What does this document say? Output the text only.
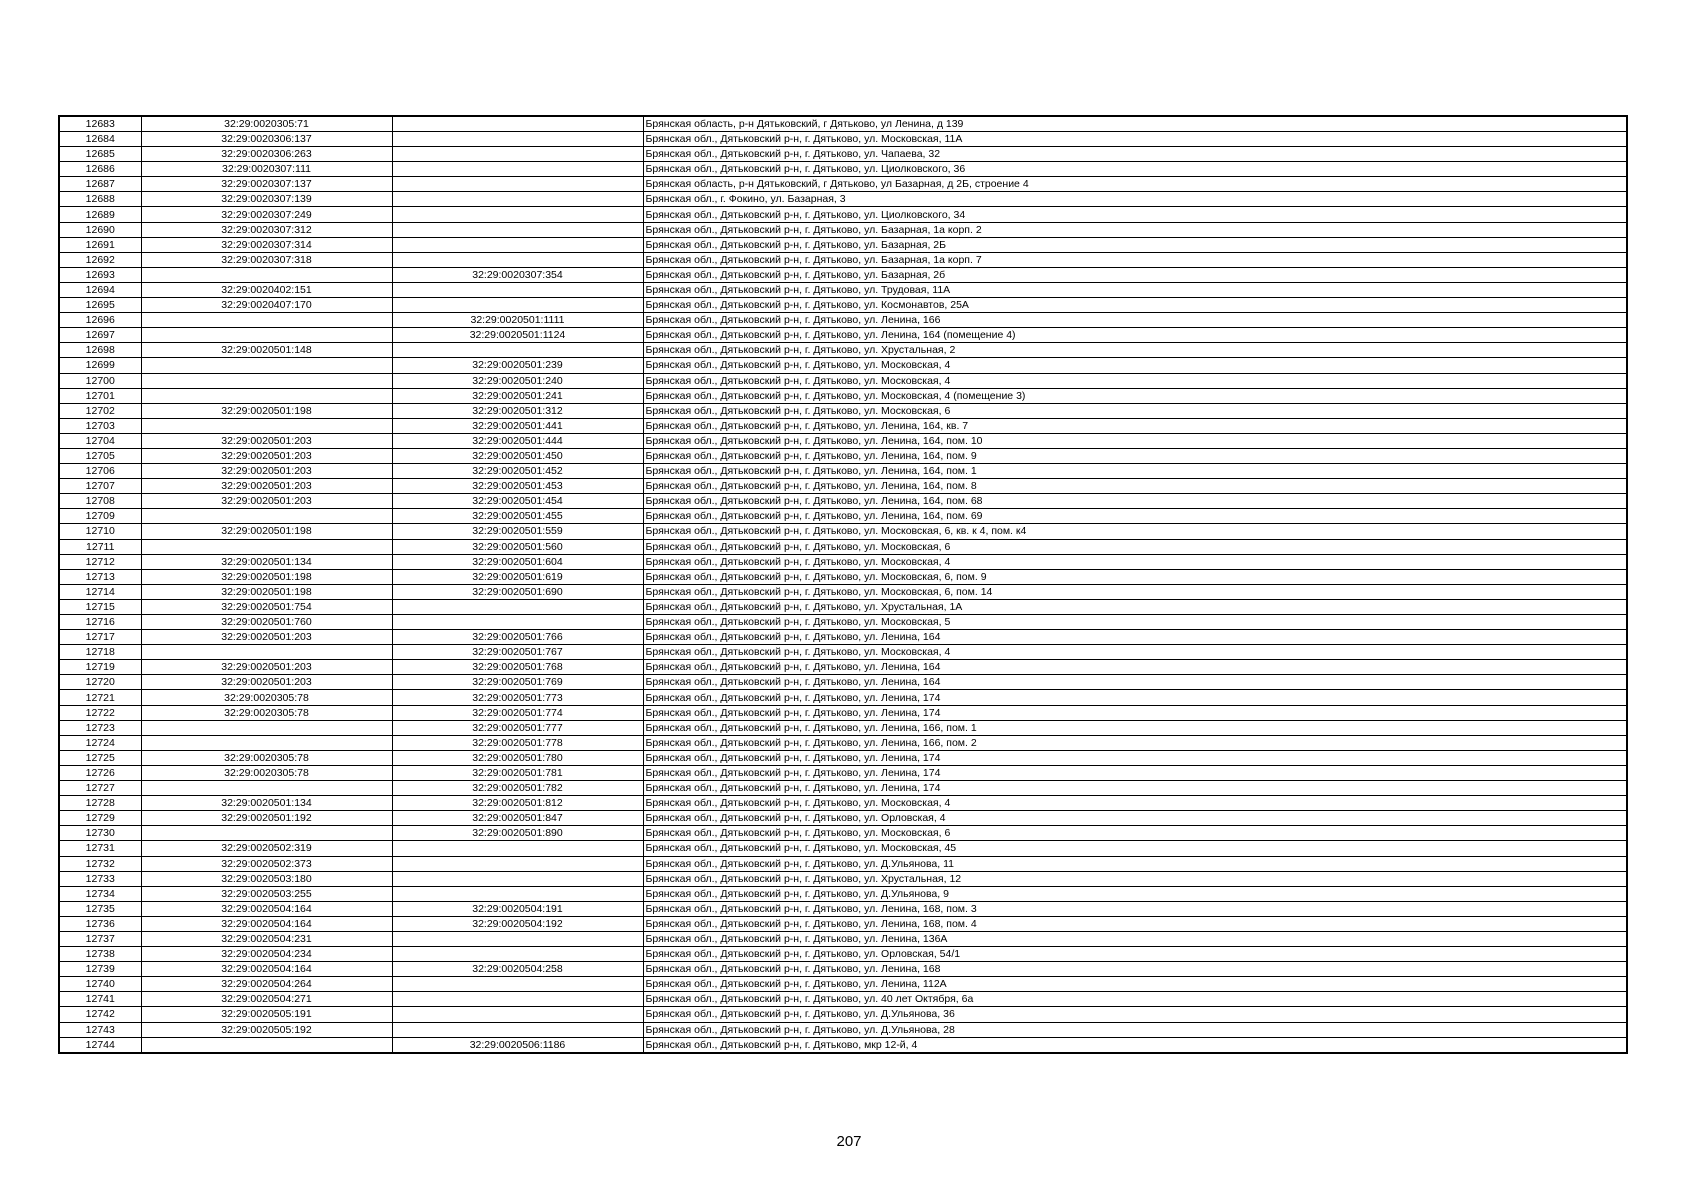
12683	32:29:0020305:71		Брянская область, р-н Дятьковский, г Дятьково, ул Ленина, д 139
12684	32:29:0020306:137		Брянская обл., Дятьковский р-н, г. Дятьково, ул. Московская, 11А
12685	32:29:0020306:263		Брянская обл., Дятьковский р-н, г. Дятьково, ул. Чапаева, 32
12686	32:29:0020307:111		Брянская обл., Дятьковский р-н, г. Дятьково, ул. Циолковского, 36
12687	32:29:0020307:137		Брянская область, р-н Дятьковский, г Дятьково, ул Базарная, д 2Б, строение 4
12688	32:29:0020307:139		Брянская обл., г. Фокино, ул. Базарная, 3
12689	32:29:0020307:249		Брянская обл., Дятьковский р-н, г. Дятьково, ул. Циолковского, 34
12690	32:29:0020307:312		Брянская обл., Дятьковский р-н, г. Дятьково, ул. Базарная, 1а корп. 2
12691	32:29:0020307:314		Брянская обл., Дятьковский р-н, г. Дятьково, ул. Базарная, 2Б
12692	32:29:0020307:318		Брянская обл., Дятьковский р-н, г. Дятьково, ул. Базарная, 1а корп. 7
12693		32:29:0020307:354	Брянская обл., Дятьковский р-н, г. Дятьково, ул. Базарная, 2б
12694	32:29:0020402:151		Брянская обл., Дятьковский р-н, г. Дятьково, ул. Трудовая, 11А
12695	32:29:0020407:170		Брянская обл., Дятьковский р-н, г. Дятьково, ул. Космонавтов, 25А
12696		32:29:0020501:1111	Брянская обл., Дятьковский р-н, г. Дятьково, ул. Ленина, 166
12697		32:29:0020501:1124	Брянская обл., Дятьковский р-н, г. Дятьково, ул. Ленина, 164 (помещение 4)
12698	32:29:0020501:148		Брянская обл., Дятьковский р-н, г. Дятьково, ул. Хрустальная, 2
12699		32:29:0020501:239	Брянская обл., Дятьковский р-н, г. Дятьково, ул. Московская, 4
12700		32:29:0020501:240	Брянская обл., Дятьковский р-н, г. Дятьково, ул. Московская, 4
12701		32:29:0020501:241	Брянская обл., Дятьковский р-н, г. Дятьково, ул. Московская, 4 (помещение 3)
12702	32:29:0020501:198	32:29:0020501:312	Брянская обл., Дятьковский р-н, г. Дятьково, ул. Московская, 6
12703		32:29:0020501:441	Брянская обл., Дятьковский р-н, г. Дятьково, ул. Ленина, 164, кв. 7
12704	32:29:0020501:203	32:29:0020501:444	Брянская обл., Дятьковский р-н, г. Дятьково, ул. Ленина, 164, пом. 10
12705	32:29:0020501:203	32:29:0020501:450	Брянская обл., Дятьковский р-н, г. Дятьково, ул. Ленина, 164, пом. 9
12706	32:29:0020501:203	32:29:0020501:452	Брянская обл., Дятьковский р-н, г. Дятьково, ул. Ленина, 164, пом. 1
12707	32:29:0020501:203	32:29:0020501:453	Брянская обл., Дятьковский р-н, г. Дятьково, ул. Ленина, 164, пом. 8
12708	32:29:0020501:203	32:29:0020501:454	Брянская обл., Дятьковский р-н, г. Дятьково, ул. Ленина, 164, пом. 68
12709		32:29:0020501:455	Брянская обл., Дятьковский р-н, г. Дятьково, ул. Ленина, 164, пом. 69
12710	32:29:0020501:198	32:29:0020501:559	Брянская обл., Дятьковский р-н, г. Дятьково, ул. Московская, 6, кв. к 4, пом. к4
12711		32:29:0020501:560	Брянская обл., Дятьковский р-н, г. Дятьково, ул. Московская, 6
12712	32:29:0020501:134	32:29:0020501:604	Брянская обл., Дятьковский р-н, г. Дятьково, ул. Московская, 4
12713	32:29:0020501:198	32:29:0020501:619	Брянская обл., Дятьковский р-н, г. Дятьково, ул. Московская, 6, пом. 9
12714	32:29:0020501:198	32:29:0020501:690	Брянская обл., Дятьковский р-н, г. Дятьково, ул. Московская, 6, пом. 14
12715	32:29:0020501:754		Брянская обл., Дятьковский р-н, г. Дятьково, ул. Хрустальная, 1А
12716	32:29:0020501:760		Брянская обл., Дятьковский р-н, г. Дятьково, ул. Московская, 5
12717	32:29:0020501:203	32:29:0020501:766	Брянская обл., Дятьковский р-н, г. Дятьково, ул. Ленина, 164
12718		32:29:0020501:767	Брянская обл., Дятьковский р-н, г. Дятьково, ул. Московская, 4
12719	32:29:0020501:203	32:29:0020501:768	Брянская обл., Дятьковский р-н, г. Дятьково, ул. Ленина, 164
12720	32:29:0020501:203	32:29:0020501:769	Брянская обл., Дятьковский р-н, г. Дятьково, ул. Ленина, 164
12721	32:29:0020305:78	32:29:0020501:773	Брянская обл., Дятьковский р-н, г. Дятьково, ул. Ленина, 174
12722	32:29:0020305:78	32:29:0020501:774	Брянская обл., Дятьковский р-н, г. Дятьково, ул. Ленина, 174
12723		32:29:0020501:777	Брянская обл., Дятьковский р-н, г. Дятьково, ул. Ленина, 166, пом. 1
12724		32:29:0020501:778	Брянская обл., Дятьковский р-н, г. Дятьково, ул. Ленина, 166, пом. 2
12725	32:29:0020305:78	32:29:0020501:780	Брянская обл., Дятьковский р-н, г. Дятьково, ул. Ленина, 174
12726	32:29:0020305:78	32:29:0020501:781	Брянская обл., Дятьковский р-н, г. Дятьково, ул. Ленина, 174
12727		32:29:0020501:782	Брянская обл., Дятьковский р-н, г. Дятьково, ул. Ленина, 174
12728	32:29:0020501:134	32:29:0020501:812	Брянская обл., Дятьковский р-н, г. Дятьково, ул. Московская, 4
12729	32:29:0020501:192	32:29:0020501:847	Брянская обл., Дятьковский р-н, г. Дятьково, ул. Орловская, 4
12730		32:29:0020501:890	Брянская обл., Дятьковский р-н, г. Дятьково, ул. Московская, 6
12731	32:29:0020502:319		Брянская обл., Дятьковский р-н, г. Дятьково, ул. Московская, 45
12732	32:29:0020502:373		Брянская обл., Дятьковский р-н, г. Дятьково, ул. Д.Ульянова, 11
12733	32:29:0020503:180		Брянская обл., Дятьковский р-н, г. Дятьково, ул. Хрустальная, 12
12734	32:29:0020503:255		Брянская обл., Дятьковский р-н, г. Дятьково, ул. Д.Ульянова, 9
12735	32:29:0020504:164	32:29:0020504:191	Брянская обл., Дятьковский р-н, г. Дятьково, ул. Ленина, 168, пом. 3
12736	32:29:0020504:164	32:29:0020504:192	Брянская обл., Дятьковский р-н, г. Дятьково, ул. Ленина, 168, пом. 4
12737	32:29:0020504:231		Брянская обл., Дятьковский р-н, г. Дятьково, ул. Ленина, 136А
12738	32:29:0020504:234		Брянская обл., Дятьковский р-н, г. Дятьково, ул. Орловская, 54/1
12739	32:29:0020504:164	32:29:0020504:258	Брянская обл., Дятьковский р-н, г. Дятьково, ул. Ленина, 168
12740	32:29:0020504:264		Брянская обл., Дятьковский р-н, г. Дятьково, ул. Ленина, 112А
12741	32:29:0020504:271		Брянская обл., Дятьковский р-н, г. Дятьково, ул. 40 лет Октября, 6а
12742	32:29:0020505:191		Брянская обл., Дятьковский р-н, г. Дятьково, ул. Д.Ульянова, 36
12743	32:29:0020505:192		Брянская обл., Дятьковский р-н, г. Дятьково, ул. Д.Ульянова, 28
12744		32:29:0020506:1186	Брянская обл., Дятьковский р-н, г. Дятьково, мкр 12-й, 4
207
